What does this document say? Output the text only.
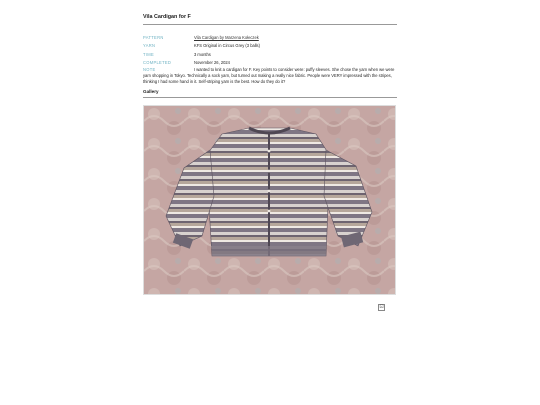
Vila Cardigan for F
PATTERN	Vila Cardigan by Marzena Kołeczek
YARN	KFS Original in Circus Grey (3 balls)
TIME	3 months
COMPLETED	November 26, 2024
NOTE	I wanted to knit a cardigan for F. Key points to consider were: puffy sleeves. She chose the yarn when we were yarn shopping in Tokyo. Technically a sock yarn, but turned out making a really nice fabric. People were VERY impressed with the stripes, thinking I had some hand in it. Self-striping yarn is the best. How do they do it?
Gallery
⊡
